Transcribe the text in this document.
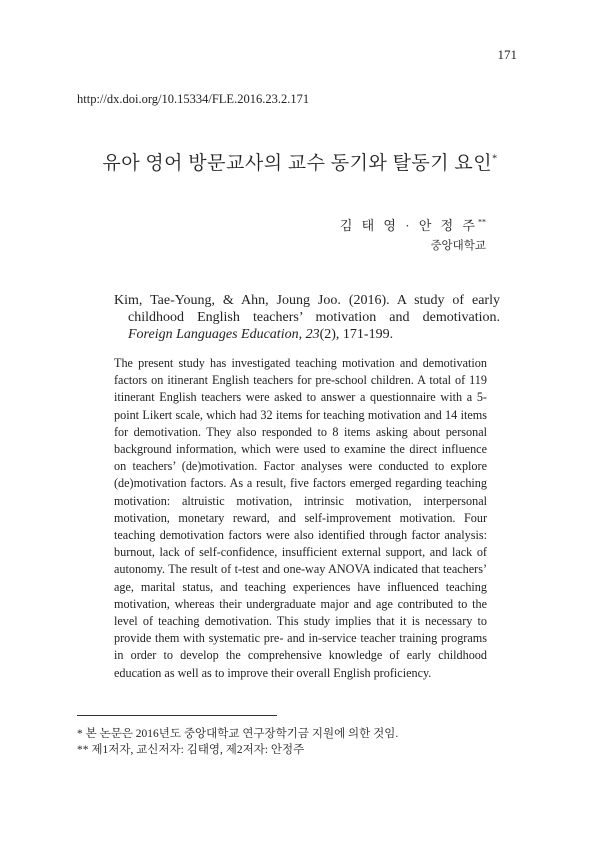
171
http://dx.doi.org/10.15334/FLE.2016.23.2.171
유아 영어 방문교사의 교수 동기와 탈동기 요인*
김 태 영 · 안 정 주**
중앙대학교
Kim, Tae-Young, & Ahn, Joung Joo. (2016). A study of early childhood English teachers’ motivation and demotivation. Foreign Languages Education, 23(2), 171-199.
The present study has investigated teaching motivation and demotivation factors on itinerant English teachers for pre-school children. A total of 119 itinerant English teachers were asked to answer a questionnaire with a 5-point Likert scale, which had 32 items for teaching motivation and 14 items for demotivation. They also responded to 8 items asking about personal background information, which were used to examine the direct influence on teachers’ (de)motivation. Factor analyses were conducted to explore (de)motivation factors. As a result, five factors emerged regarding teaching motivation: altruistic motivation, intrinsic motivation, interpersonal motivation, monetary reward, and self-improvement motivation. Four teaching demotivation factors were also identified through factor analysis: burnout, lack of self-confidence, insufficient external support, and lack of autonomy. The result of t-test and one-way ANOVA indicated that teachers’ age, marital status, and teaching experiences have influenced teaching motivation, whereas their undergraduate major and age contributed to the level of teaching demotivation. This study implies that it is necessary to provide them with systematic pre- and in-service teacher training programs in order to develop the comprehensive knowledge of early childhood education as well as to improve their overall English proficiency.
* 본 논문은 2016년도 중앙대학교 연구장학기금 지원에 의한 것임.
** 제1저자, 교신저자: 김태영, 제2저자: 안정주
